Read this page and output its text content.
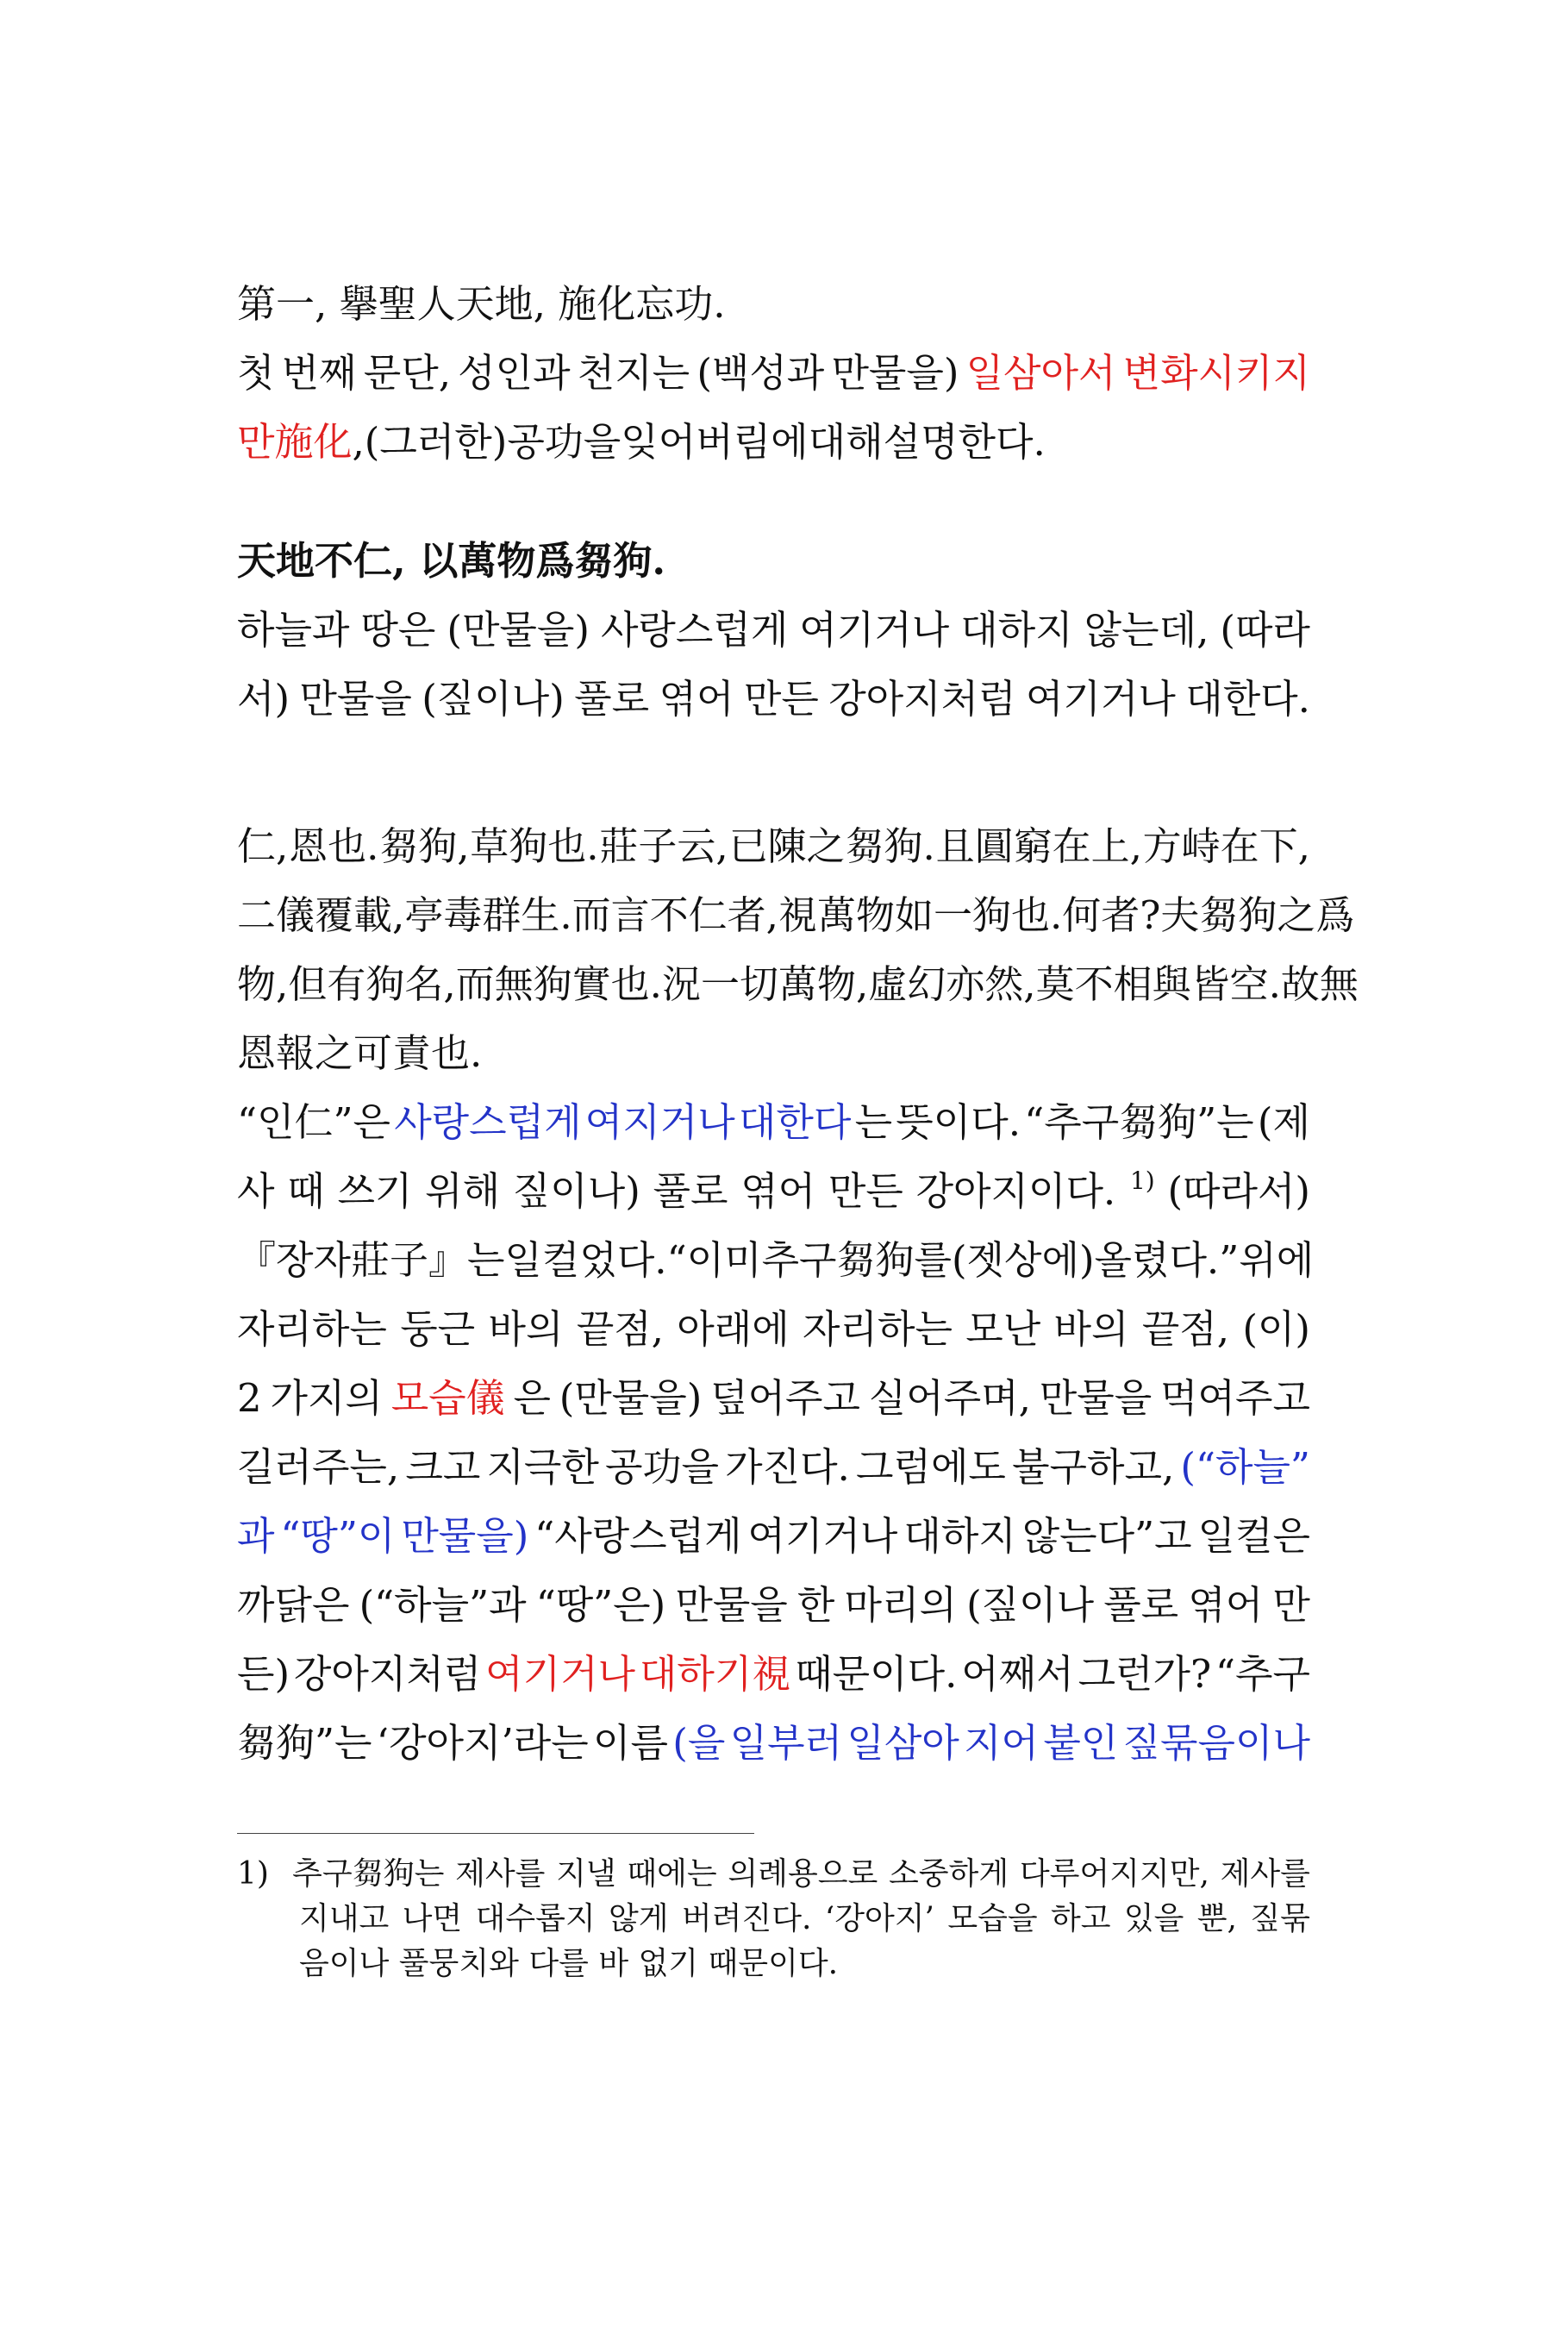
第一, 擧聖人天地, 施化忘功.
첫 번째 문단, 성인과 천지는 (백성과 만물을) 일삼아서 변화시키지
만施化 , (그러한) 공功을 잊어버림에 대해 설명한다.
天地不仁, 以萬物爲芻狗.
하늘과 땅은 (만물을) 사랑스럽게 여기거나 대하지 않는데, (따라
서) 만물을 (짚이나) 풀로 엮어 만든 강아지처럼 여기거나 대한다.
仁, 恩也. 芻狗, 草狗也. 莊子云, 已陳之芻狗. 且圓窮在上, 方峙在下,
二儀覆載, 亭毒群生. 而言不仁者, 視萬物如一狗也. 何者? 夫芻狗之爲
物, 但有狗名, 而無狗實也. 況一切萬物, 虛幻亦然, 莫不相與皆空. 故無
恩報之可責也.
“인仁”은 사랑스럽게 여지거나 대한다 는 뜻이다. “추구芻狗”는 (제
사 때 쓰기 위해 짚이나) 풀로 엮어 만든 강아지이다. 1) (따라서)
『장자莊子』는 일컬었다. “이미 추구芻狗를 (젯상에) 올렸다.” 위에
자리하는 둥근 바의 끝점, 아래에 자리하는 모난 바의 끝점, (이)
2 가지의 모습儀 은 (만물을) 덮어주고 실어주며, 만물을 먹여주고
길러주는, 크고 지극한 공功을 가진다. 그럼에도 불구하고, (“하늘”
과 “땅”이 만물을) “사랑스럽게 여기거나 대하지 않는다”고 일컬은
까닭은 (“하늘”과 “땅”은) 만물을 한 마리의 (짚이나 풀로 엮어 만
든) 강아지처럼 여기거나 대하기視 때문이다. 어째서 그런가? “추구
芻狗”는 ‘강아지’라는 이름 (을 일부러 일삼아 지어 붙인 짚묶음이나
1) 추구芻狗는 제사를 지낼 때에는 의례용으로 소중하게 다루어지지만, 제사를
지내고 나면 대수롭지 않게 버려진다. ‘강아지’ 모습을 하고 있을 뿐, 짚묶
음이나 풀뭉치와 다를 바 없기 때문이다.
